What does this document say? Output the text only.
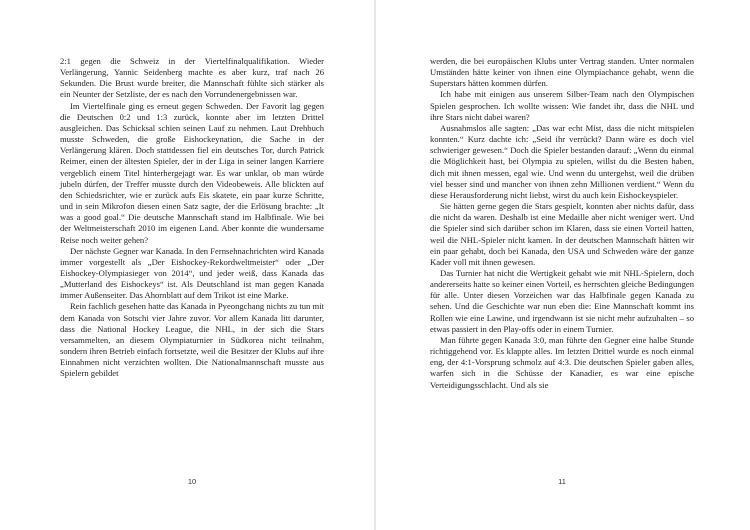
2:1 gegen die Schweiz in der Viertelfinalqualifikation. Wieder Verlängerung, Yannic Seidenberg machte es aber kurz, traf nach 26 Sekunden. Die Brust wurde breiter, die Mannschaft fühlte sich stärker als ein Neunter der Setzliste, der es nach den Vorrundenergebnissen war.

Im Viertelfinale ging es erneut gegen Schweden. Der Favorit lag gegen die Deutschen 0:2 und 1:3 zurück, konnte aber im letzten Drittel ausgleichen. Das Schicksal schien seinen Lauf zu nehmen. Laut Drehbuch musste Schweden, die große Eishockeynation, die Sache in der Verlängerung klären. Doch stattdessen fiel ein deutsches Tor, durch Patrick Reimer, einen der ältesten Spieler, der in der Liga in seiner langen Karriere vergeblich einem Titel hinterhergejagt war. Es war unklar, ob man würde jubeln dürfen, der Treffer musste durch den Videobeweis. Alle blickten auf den Schiedsrichter, wie er zurück aufs Eis skatete, ein paar kurze Schritte, und in sein Mikrofon diesen einen Satz sagte, der die Erlösung brachte: „It was a good goal.“ Die deutsche Mannschaft stand im Halbfinale. Wie bei der Weltmeisterschaft 2010 im eigenen Land. Aber konnte die wundersame Reise noch weiter gehen?

Der nächste Gegner war Kanada. In den Fernsehnachrichten wird Kanada immer vorgestellt als „Der Eishockey-Rekordweltmeister“ oder „Der Eishockey-Olympiasieger von 2014“, und jeder weiß, dass Kanada das „Mutterland des Eishockeys“ ist. Als Deutschland ist man gegen Kanada immer Außenseiter. Das Ahornblatt auf dem Trikot ist eine Marke.

Rein fachlich gesehen hatte das Kanada in Pyeongchang nichts zu tun mit dem Kanada von Sotschi vier Jahre zuvor. Vor allem Kanada litt darunter, dass die National Hockey League, die NHL, in der sich die Stars versammelten, an diesem Olympiaturnier in Südkorea nicht teilnahm, sondern ihren Betrieb einfach fortsetzte, weil die Besitzer der Klubs auf ihre Einnahmen nicht verzichten wollten. Die Nationalmannschaft musste aus Spielern gebildet

10

werden, die bei europäischen Klubs unter Vertrag standen. Unter normalen Umständen hätte keiner von ihnen eine Olympiachance gehabt, wenn die Superstars hätten kommen dürfen.

Ich habe mit einigen aus unserem Silber-Team nach den Olympischen Spielen gesprochen. Ich wollte wissen: Wie fandet ihr, dass die NHL und ihre Stars nicht dabei waren?

Ausnahmslos alle sagten: „Das war echt Mist, dass die nicht mitspielen konnten.“ Kurz dachte ich: „Seid ihr verrückt? Dann wäre es doch viel schwieriger gewesen.“ Doch die Spieler bestanden darauf: „Wenn du einmal die Möglichkeit hast, bei Olympia zu spielen, willst du die Besten haben, dich mit ihnen messen, egal wie. Und wenn du untergehst, weil die drüben viel besser sind und mancher von ihnen zehn Millionen verdient.“ Wenn du diese Herausforderung nicht liebst, wirst du auch kein Eishockeyspieler.

Sie hätten gerne gegen die Stars gespielt, konnten aber nichts dafür, dass die nicht da waren. Deshalb ist eine Medaille aber nicht weniger wert. Und die Spieler sind sich darüber schon im Klaren, dass sie einen Vorteil hatten, weil die NHL-Spieler nicht kamen. In der deutschen Mannschaft hätten wir ein paar gehabt, doch bei Kanada, den USA und Schweden wäre der ganze Kader voll mit ihnen gewesen.

Das Turnier hat nicht die Wertigkeit gehabt wie mit NHL-Spielern, doch andererseits hatte so keiner einen Vorteil, es herrschten gleiche Bedingungen für alle. Unter diesen Vorzeichen war das Halbfinale gegen Kanada zu sehen. Und die Geschichte war nun eben die: Eine Mannschaft kommt ins Rollen wie eine Lawine, und irgendwann ist sie nicht mehr aufzuhalten – so etwas passiert in den Play-offs oder in einem Turnier.

Man führte gegen Kanada 3:0, man führte den Gegner eine halbe Stunde richtiggehend vor. Es klappte alles. Im letzten Drittel wurde es noch einmal eng, der 4:1-Vorsprung schmolz auf 4:3. Die deutschen Spieler gaben alles, warfen sich in die Schüsse der Kanadier, es war eine epische Verteidigungsschlacht. Und als sie

11
